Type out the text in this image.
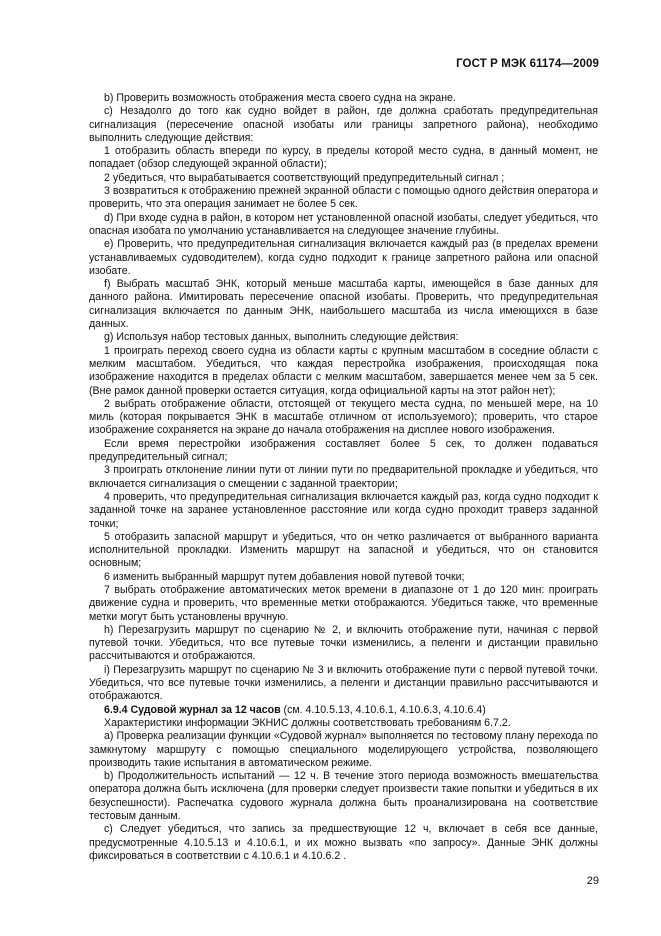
ГОСТ Р МЭК 61174—2009

b) Проверить возможность отображения места своего судна на экране.

c) Незадолго до того как судно войдет в район, где должна сработать предупредительная сигнализация (пересечение опасной изобаты или границы запретного района), необходимо выполнить следующие действия:

1 отобразить область впереди по курсу, в пределы которой место судна, в данный момент, не попадает (обзор следующей экранной области);

2 убедиться, что вырабатывается соответствующий предупредительный сигнал ;

3 возвратиться к отображению прежней экранной области с помощью одного действия оператора и проверить, что эта операция занимает не более 5 сек.

d) При входе судна в район, в котором нет установленной опасной изобаты, следует убедиться, что опасная изобата по умолчанию устанавливается на следующее значение глубины.

e) Проверить, что предупредительная сигнализация включается каждый раз (в пределах времени устанавливаемых судоводителем), когда судно подходит к границе запретного района или опасной изобате.

f) Выбрать масштаб ЭНК, который меньше масштаба карты, имеющейся в базе данных для данного района. Имитировать пересечение опасной изобаты. Проверить, что предупредительная сигнализация включается по данным ЭНК, наибольшего масштаба из числа имеющихся в базе данных.

g) Используя набор тестовых данных, выполнить следующие действия:

1 проиграть переход своего судна из области карты с крупным масштабом в соседние области с мелким масштабом. Убедиться, что каждая перестройка изображения, происходящая пока изображение находится в пределах области с мелким масштабом, завершается менее чем за 5 сек. (Вне рамок данной проверки остается ситуация, когда официальной карты на этот район нет);

2 выбрать отображение области, отстоящей от текущего места судна, по меньшей мере, на 10 миль (которая покрывается ЭНК в масштабе отличном от используемого); проверить, что старое изображение сохраняется на экране до начала отображения на дисплее нового изображения.

Если время перестройки изображения составляет более 5 сек, то должен подаваться предупредительный сигнал;

3 проиграть отклонение линии пути от линии пути по предварительной прокладке и убедиться, что включается сигнализация о смещении с заданной траектории;

4 проверить, что предупредительная сигнализация включается каждый раз, когда судно подходит к заданной точке на заранее установленное расстояние или когда судно проходит траверз заданной точки;

5 отобразить запасной маршрут и убедиться, что он четко различается от выбранного варианта исполнительной прокладки. Изменить маршрут на запасной и убедиться, что он становится основным;

6 изменить выбранный маршрут путем добавления новой путевой точки;

7 выбрать отображение автоматических меток времени в диапазоне от 1 до 120 мин: проиграть движение судна и проверить, что временные метки отображаются. Убедиться также, что временные метки могут быть установлены вручную.

h) Перезагрузить маршрут по сценарию № 2, и включить отображение пути, начиная с первой путевой точки. Убедиться, что все путевые точки изменились, а пеленги и дистанции правильно рассчитываются и отображаются.

i) Перезагрузить маршрут по сценарию № 3 и включить отображение пути с первой путевой точки. Убедиться, что все путевые точки изменились, а пеленги и дистанции правильно рассчитываются и отображаются.

6.9.4 Судовой журнал за 12 часов (см. 4.10.5.13, 4.10.6.1, 4.10.6.3, 4.10.6.4)

Характеристики информации ЭКНИС должны соответствовать требованиям 6.7.2.

a) Проверка реализации функции «Судовой журнал» выполняется по тестовому плану перехода по замкнутому маршруту с помощью специального моделирующего устройства, позволяющего производить такие испытания в автоматическом режиме.

b) Продолжительность испытаний — 12 ч. В течение этого периода возможность вмешательства оператора должна быть исключена (для проверки следует произвести такие попытки и убедиться в их безуспешности). Распечатка судового журнала должна быть проанализирована на соответствие тестовым данным.

c) Следует убедиться, что запись за предшествующие 12 ч, включает в себя все данные, предусмотренные 4.10.5.13 и 4.10.6.1, и их можно вызвать «по запросу». Данные ЭНК должны фиксироваться в соответствии с 4.10.6.1 и 4.10.6.2 .

29
